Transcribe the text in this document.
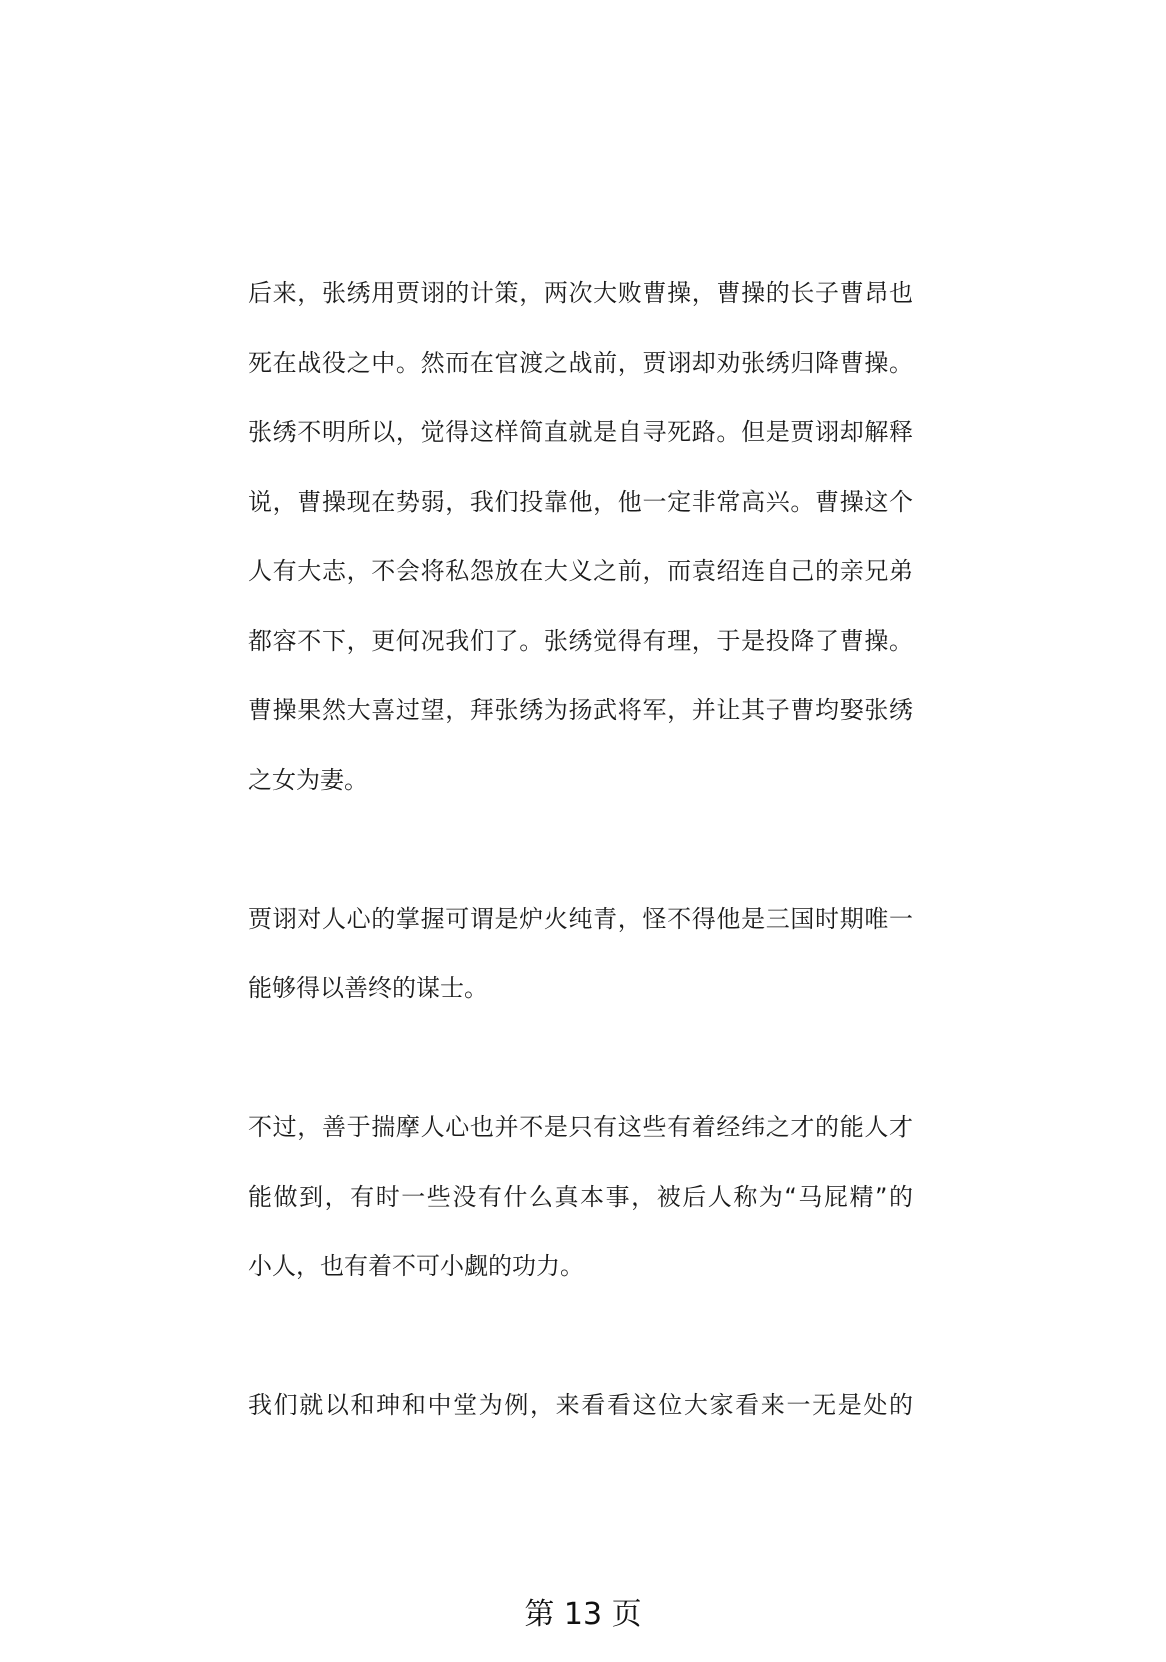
后来，张绣用贾诩的计策，两次大败曹操，曹操的长子曹昂也
死在战役之中。然而在官渡之战前，贾诩却劝张绣归降曹操。
张绣不明所以，觉得这样简直就是自寻死路。但是贾诩却解释
说，曹操现在势弱，我们投靠他，他一定非常高兴。曹操这个
人有大志，不会将私怨放在大义之前，而袁绍连自己的亲兄弟
都容不下，更何况我们了。张绣觉得有理，于是投降了曹操。
曹操果然大喜过望，拜张绣为扬武将军，并让其子曹均娶张绣
之女为妻。
贾诩对人心的掌握可谓是炉火纯青，怪不得他是三国时期唯一
能够得以善终的谋士。
不过，善于揣摩人心也并不是只有这些有着经纬之才的能人才
能做到，有时一些没有什么真本事，被后人称为“马屁精”的
小人，也有着不可小觑的功力。
我们就以和珅和中堂为例，来看看这位大家看来一无是处的
第 13 页
